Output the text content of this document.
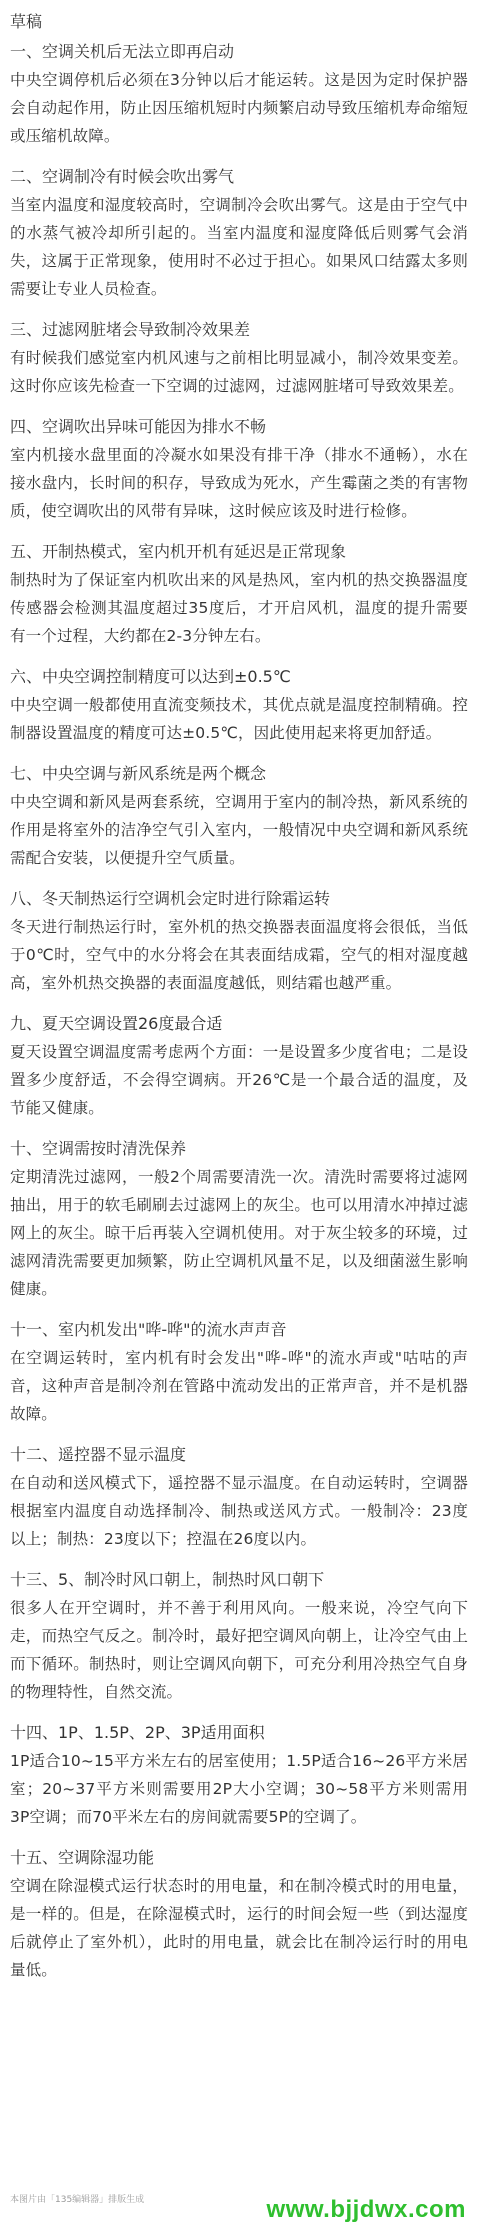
草稿
一、空调关机后无法立即再启动
中央空调停机后必须在3分钟以后才能运转。这是因为定时保护器会自动起作用，防止因压缩机短时内频繁启动导致压缩机寿命缩短或压缩机故障。
二、空调制冷有时候会吹出雾气
当室内温度和湿度较高时，空调制冷会吹出雾气。这是由于空气中的水蒸气被冷却所引起的。当室内温度和湿度降低后则雾气会消失，这属于正常现象，使用时不必过于担心。如果风口结露太多则需要让专业人员检查。
三、过滤网脏堵会导致制冷效果差
有时候我们感觉室内机风速与之前相比明显减小，制冷效果变差。这时你应该先检查一下空调的过滤网，过滤网脏堵可导致效果差。
四、空调吹出异味可能因为排水不畅
室内机接水盘里面的冷凝水如果没有排干净（排水不通畅），水在接水盘内，长时间的积存，导致成为死水，产生霉菌之类的有害物质，使空调吹出的风带有异味，这时候应该及时进行检修。
五、开制热模式，室内机开机有延迟是正常现象
制热时为了保证室内机吹出来的风是热风，室内机的热交换器温度传感器会检测其温度超过35度后，才开启风机，温度的提升需要有一个过程，大约都在2-3分钟左右。
六、中央空调控制精度可以达到±0.5℃
中央空调一般都使用直流变频技术，其优点就是温度控制精确。控制器设置温度的精度可达±0.5℃，因此使用起来将更加舒适。
七、中央空调与新风系统是两个概念
中央空调和新风是两套系统，空调用于室内的制冷热，新风系统的作用是将室外的洁净空气引入室内，一般情况中央空调和新风系统需配合安装，以便提升空气质量。
八、冬天制热运行空调机会定时进行除霜运转
冬天进行制热运行时，室外机的热交换器表面温度将会很低，当低于0℃时，空气中的水分将会在其表面结成霜，空气的相对湿度越高，室外机热交换器的表面温度越低，则结霜也越严重。
九、夏天空调设置26度最合适
夏天设置空调温度需考虑两个方面：一是设置多少度省电；二是设置多少度舒适，不会得空调病。开26℃是一个最合适的温度，及节能又健康。
十、空调需按时清洗保养
定期清洗过滤网，一般2个周需要清洗一次。清洗时需要将过滤网抽出，用于的软毛刷刷去过滤网上的灰尘。也可以用清水冲掉过滤网上的灰尘。晾干后再装入空调机使用。对于灰尘较多的环境，过滤网清洗需要更加频繁，防止空调机风量不足，以及细菌滋生影响健康。
十一、室内机发出"哗-哗"的流水声声音
在空调运转时，室内机有时会发出"哗-哗"的流水声或"咕咕的声音，这种声音是制冷剂在管路中流动发出的正常声音，并不是机器故障。
十二、遥控器不显示温度
在自动和送风模式下，遥控器不显示温度。在自动运转时，空调器根据室内温度自动选择制冷、制热或送风方式。一般制冷：23度以上；制热：23度以下；控温在26度以内。
十三、5、制冷时风口朝上，制热时风口朝下
很多人在开空调时，并不善于利用风向。一般来说，冷空气向下走，而热空气反之。制冷时，最好把空调风向朝上，让冷空气由上而下循环。制热时，则让空调风向朝下，可充分利用冷热空气自身的物理特性，自然交流。
十四、1P、1.5P、2P、3P适用面积
1P适合10~15平方米左右的居室使用；1.5P适合16~26平方米居室；20~37平方米则需要用2P大小空调；30~58平方米则需用3P空调；而70平米左右的房间就需要5P的空调了。
十五、空调除湿功能
空调在除湿模式运行状态时的用电量，和在制冷模式时的用电量，是一样的。但是，在除湿模式时，运行的时间会短一些（到达湿度后就停止了室外机），此时的用电量，就会比在制冷运行时的用电量低。
本图片由「135编辑器」排版生成	www.bjjdwx.com
